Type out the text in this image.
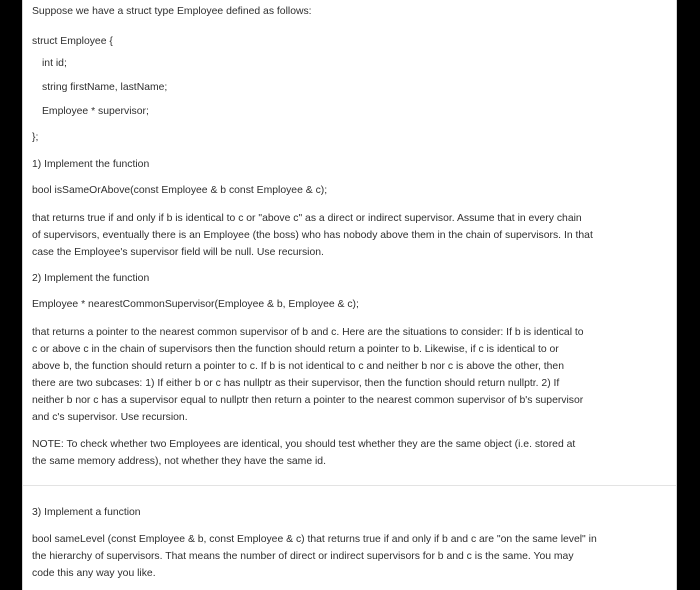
Suppose we have a struct type Employee defined as follows:

struct Employee {

int id;

string firstName, lastName;

Employee * supervisor;

};

1) Implement the function

bool isSameOrAbove(const Employee & b const Employee & c);

that returns true if and only if b is identical to c or "above c" as a direct or indirect supervisor. Assume that in every chain
of supervisors, eventually there is an Employee (the boss) who has nobody above them in the chain of supervisors. In that
case the Employee's supervisor field will be null. Use recursion.

2) Implement the function

Employee * nearestCommonSupervisor(Employee & b, Employee & c);

that returns a pointer to the nearest common supervisor of b and c. Here are the situations to consider: If b is identical to
c or above c in the chain of supervisors then the function should return a pointer to b. Likewise, if c is identical to or
above b, the function should return a pointer to c. If b is not identical to c and neither b nor c is above the other, then
there are two subcases: 1) If either b or c has nullptr as their supervisor, then the function should return nullptr. 2) If
neither b nor c has a supervisor equal to nullptr then return a pointer to the nearest common supervisor of b's supervisor
and c's supervisor. Use recursion.
NOTE: To check whether two Employees are identical, you should test whether they are the same object (i.e. stored at
the same memory address), not whether they have the same id.

3) Implement a function

bool sameLevel (const Employee & b, const Employee & c) that returns true if and only if b and c are "on the same level" in
the hierarchy of supervisors. That means the number of direct or indirect supervisors for b and c is the same. You may
code this any way you like.
